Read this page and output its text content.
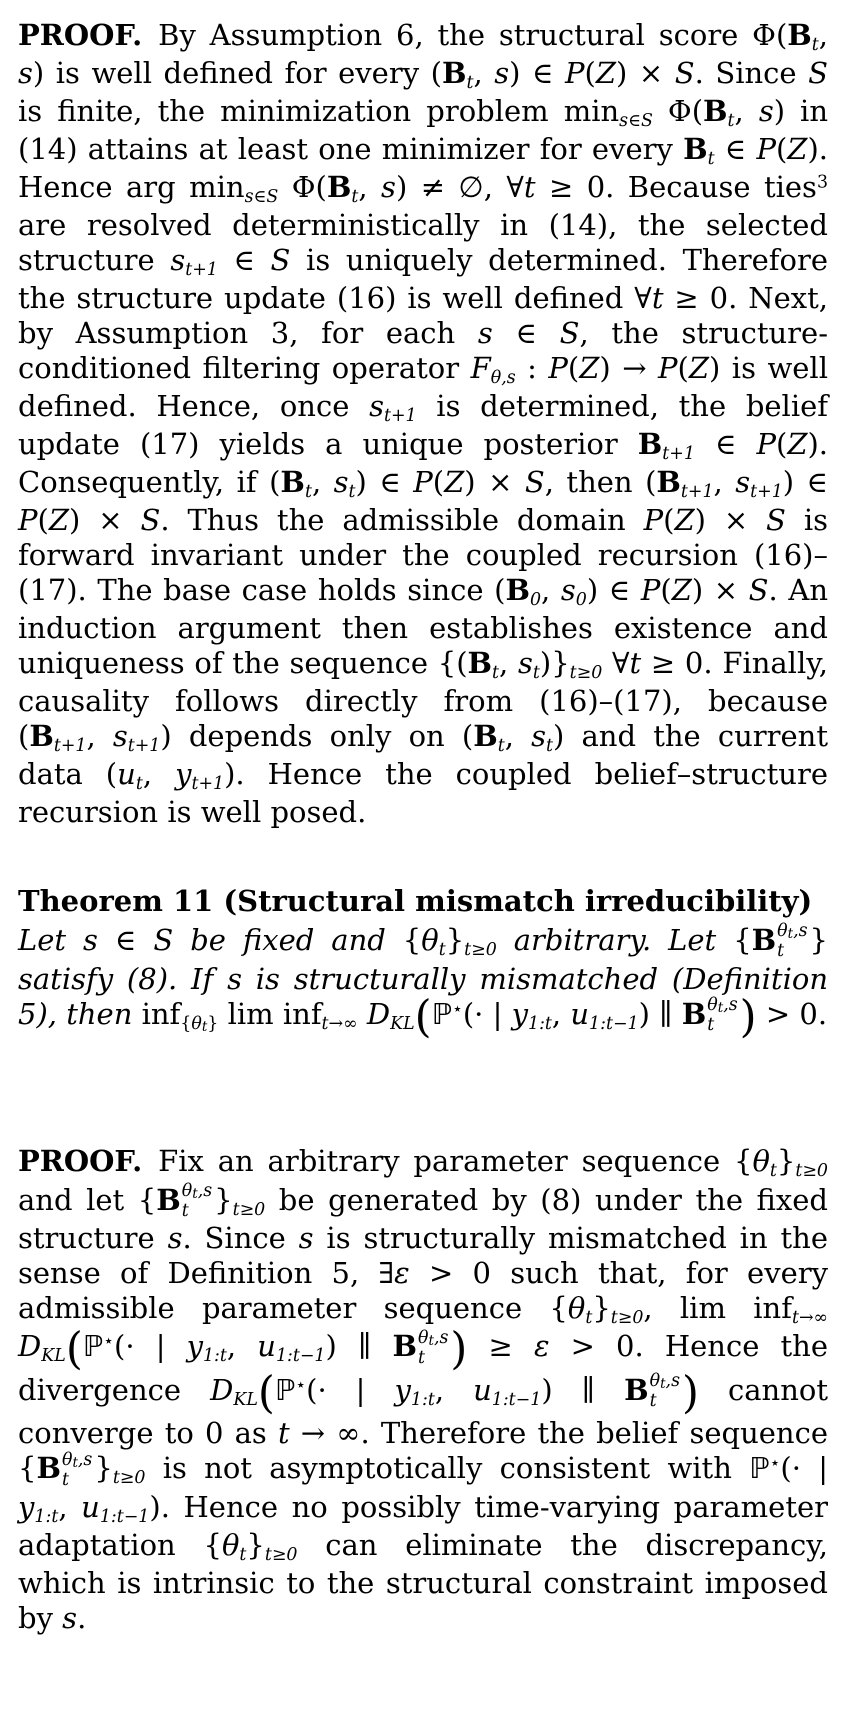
PROOF. By Assumption 6, the structural score $\Phi(B_t$, s) is well defined for every ($B_t$, s) ∈ P(Z) × S. Since S is finite, the minimization problem $\min_{s\in S} \Phi(B_t$, s) in (14) attains at least one minimizer for every $B_t$ ∈ P(Z). Hence arg $\min_{s\in S} \Phi(B_t$, s) ≠ ∅, ∀t ≥ 0. Because ties$^3$ are resolved deterministically in (14), the selected structure $s_{t+1}$ ∈ S is uniquely determined. Therefore the structure update (16) is well defined ∀t ≥ 0. Next, by Assumption 3, for each s ∈ S, the structure-conditioned filtering operator $F_{\theta,s}$ : P(Z) → P(Z) is well defined. Hence, once $s_{t+1}$ is determined, the belief update (17) yields a unique posterior $B_{t+1}$ ∈ P(Z). Consequently, if ($B_t$, $s_t$) ∈ P(Z) × S, then ($B_{t+1}$, $s_{t+1}$) ∈ P(Z) × S. Thus the admissible domain P(Z) × S is forward invariant under the coupled recursion (16)–(17). The base case holds since ($B_0$, $s_0$) ∈ P(Z) × S. An induction argument then establishes existence and uniqueness of the sequence {($B_t$, $s_t)\}_{t\ge 0}$ ∀t ≥ 0. Finally, causality follows directly from (16)–(17), because ($B_{t+1}$, $s_{t+1}$) depends only on ($B_t$, $s_t$) and the current data ($u_t$, $y_{t+1}$). Hence the coupled belief–structure recursion is well posed.

Theorem 11 (Structural mismatch irreducibility)
Let s ∈ S be fixed and $\{\theta_t\}_{t\ge 0}$ arbitrary. Let {B θt,s
t } satisfy (8). If s is structurally mismatched (Definition 5), then inf$_{\{\theta t\}}$ lim inf$_{t\to\infty}$ $D_{KL}(ℙ^⋆(\cdot$ | $y_{1:t}$, $u_{1:t-1}$) ∥ B θt,s
t ) > 0.

PROOF. Fix an arbitrary parameter sequence $\{\theta_t\}_{t\ge 0}$ and let {B θt,s
t }$_{t\ge 0}$ be generated by (8) under the fixed structure s. Since s is structurally mismatched in the sense of Definition 5, ∃ε > 0 such that, for every admissible parameter sequence $\{\theta_t\}_{t\ge 0}$, lim inf$_{t\to\infty}$ $D_{KL}(ℙ^⋆(\cdot$ | $y_{1:t}$, $u_{1:t-1}$) ∥ B θt,s
t ) ≥ ε > 0. Hence the divergence $D_{KL}(ℙ^⋆(\cdot$ | $y_{1:t}$, $u_{1:t-1}$) ∥ B θt,s
t ) cannot converge to 0 as t → ∞. Therefore the belief sequence {B θt,s
t }$_{t\ge 0}$ is not asymptotically consistent with ℙ⋆(· | $y_{1:t}$, $u_{1:t-1}$). Hence no possibly time-varying parameter adaptation $\{\theta_t\}_{t\ge 0}$ can eliminate the discrepancy, which is intrinsic to the structural constraint imposed by s.
